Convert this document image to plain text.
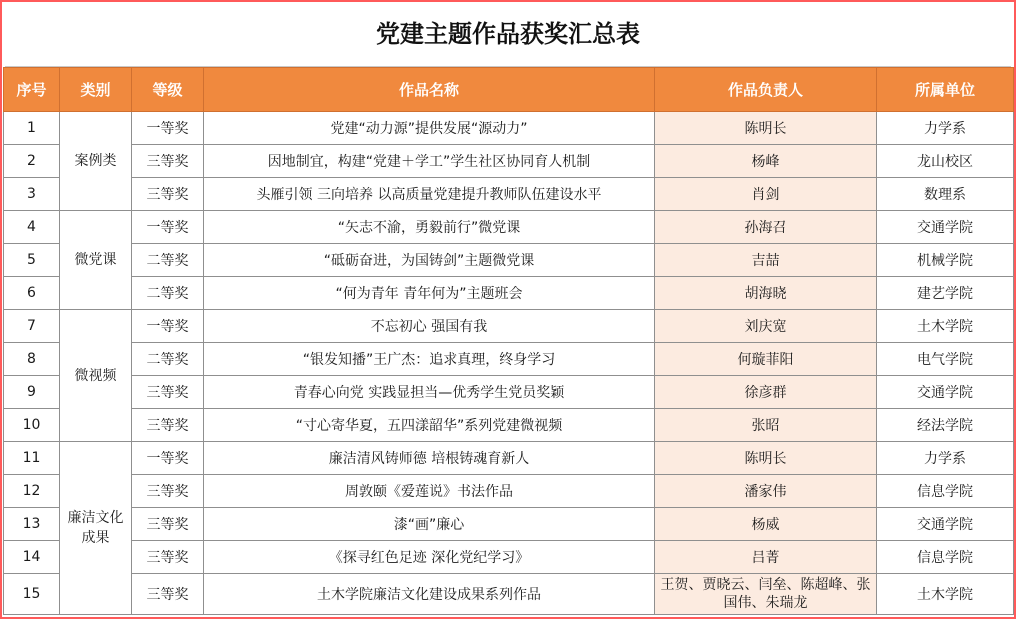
党建主题作品获奖汇总表
序号	类别	等级	作品名称	作品负责人	所属单位
1	案例类	一等奖	党建“动力源”提供发展“源动力”	陈明长	力学系
2		三等奖	因地制宜，构建“党建＋学工”学生社区协同育人机制	杨峰	龙山校区
3		三等奖	头雁引领 三向培养 以高质量党建提升教师队伍建设水平	肖剑	数理系
4	微党课	一等奖	“矢志不渝，勇毅前行”微党课	孙海召	交通学院
5		二等奖	“砥砺奋进，为国铸剑”主题微党课	吉喆	机械学院
6		二等奖	“何为青年 青年何为”主题班会	胡海晓	建艺学院
7	微视频	一等奖	不忘初心 强国有我	刘庆宽	土木学院
8		二等奖	“银发知播”王广杰：追求真理，终身学习	何璇菲阳	电气学院
9		三等奖	青春心向党 实践显担当—优秀学生党员奖颖	徐彦群	交通学院
10		三等奖	“寸心寄华夏，五四漾韶华”系列党建微视频	张昭	经法学院
11	廉洁文化成果	一等奖	廉洁清风铸师德 培根铸魂育新人	陈明长	力学系
12		三等奖	周敦颐《爱莲说》书法作品	潘家伟	信息学院
13		三等奖	漆“画”廉心	杨威	交通学院
14		三等奖	《探寻红色足迹 深化党纪学习》	吕菁	信息学院
15		三等奖	土木学院廉洁文化建设成果系列作品	王贺、贾晓云、闫垒、陈超峰、张国伟、朱瑞龙	土木学院
